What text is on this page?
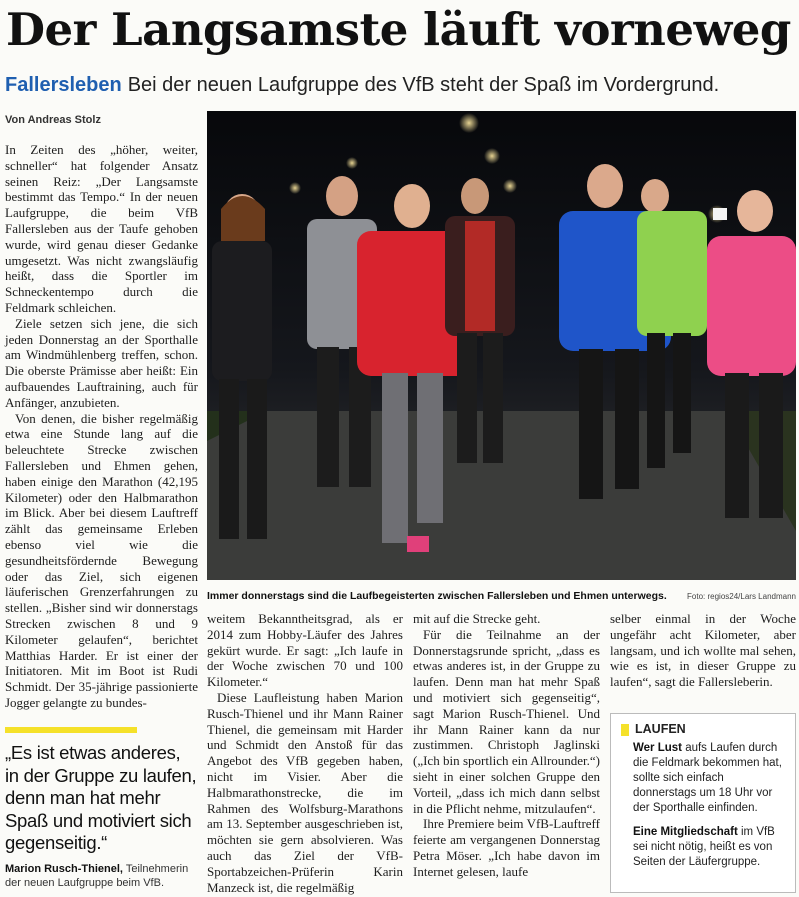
Der Langsamste läuft vorneweg
Fallersleben Bei der neuen Laufgruppe des VfB steht der Spaß im Vordergrund.
Von Andreas Stolz

In Zeiten des „höher, weiter, schneller“ hat folgender Ansatz seinen Reiz: „Der Langsamste bestimmt das Tempo.“ In der neuen Laufgruppe, die beim VfB Fallersleben aus der Taufe gehoben wurde, wird genau dieser Gedanke umgesetzt. Was nicht zwangsläufig heißt, dass die Sportler im Schneckentempo durch die Feldmark schleichen.

Ziele setzen sich jene, die sich jeden Donnerstag an der Sporthalle am Windmühlenberg treffen, schon. Die oberste Prämisse aber heißt: Ein aufbauendes Lauftraining, auch für Anfänger, anzubieten.

Von denen, die bisher regelmäßig etwa eine Stunde lang auf die beleuchtete Strecke zwischen Fallersleben und Ehmen gehen, haben einige den Marathon (42,195 Kilometer) oder den Halbmarathon im Blick. Aber bei diesem Lauftreff zählt das gemeinsame Erleben ebenso viel wie die gesundheitsfördernde Bewegung oder das Ziel, sich eigenen läuferischen Grenzerfahrungen zu stellen. „Bisher sind wir donnerstags Strecken zwischen 8 und 9 Kilometer gelaufen“, berichtet Matthias Harder. Er ist einer der Initiatoren. Mit im Boot ist Rudi Schmidt. Der 35-jährige passionierte Jogger gelangte zu bundes-

„Es ist etwas anderes, in der Gruppe zu laufen, denn man hat mehr Spaß und motiviert sich gegenseitig.“
Marion Rusch-Thienel, Teilnehmerin der neuen Laufgruppe beim VfB.
Immer donnerstags sind die Laufbegeisterten zwischen Fallersleben und Ehmen unterwegs.	Foto: regios24/Lars Landmann

weitem Bekanntheitsgrad, als er 2014 zum Hobby-Läufer des Jahres gekürt wurde. Er sagt: „Ich laufe in der Woche zwischen 70 und 100 Kilometer.“

Diese Laufleistung haben Marion Rusch-Thienel und ihr Mann Rainer Thienel, die gemeinsam mit Harder und Schmidt den Anstoß für das Angebot des VfB gegeben haben, nicht im Visier. Aber die Halbmarathonstrecke, die im Rahmen des Wolfsburg-Marathons am 13. September ausgeschrieben ist, möchten sie gern absolvieren. Was auch das Ziel der VfB-Sportabzeichen-Prüferin Karin Manzeck ist, die regelmäßig

mit auf die Strecke geht.

Für die Teilnahme an der Donnerstagsrunde spricht, „dass es etwas anderes ist, in der Gruppe zu laufen. Denn man hat mehr Spaß und motiviert sich gegenseitig“, sagt Marion Rusch-Thienel. Und ihr Mann Rainer kann da nur zustimmen. Christoph Jaglinski („Ich bin sportlich ein Allrounder.“) sieht in einer solchen Gruppe den Vorteil, „dass ich mich dann selbst in die Pflicht nehme, mitzulaufen“.

Ihre Premiere beim VfB-Lauftreff feierte am vergangenen Donnerstag Petra Möser. „Ich habe davon im Internet gelesen, laufe

selber einmal in der Woche ungefähr acht Kilometer, aber langsam, und ich wollte mal sehen, wie es ist, in dieser Gruppe zu laufen“, sagt die Fallersleberin.

LAUFEN

Wer Lust aufs Laufen durch die Feldmark bekommen hat, sollte sich einfach donnerstags um 18 Uhr vor der Sporthalle einfinden.

Eine Mitgliedschaft im VfB sei nicht nötig, heißt es von Seiten der Läufergruppe.
